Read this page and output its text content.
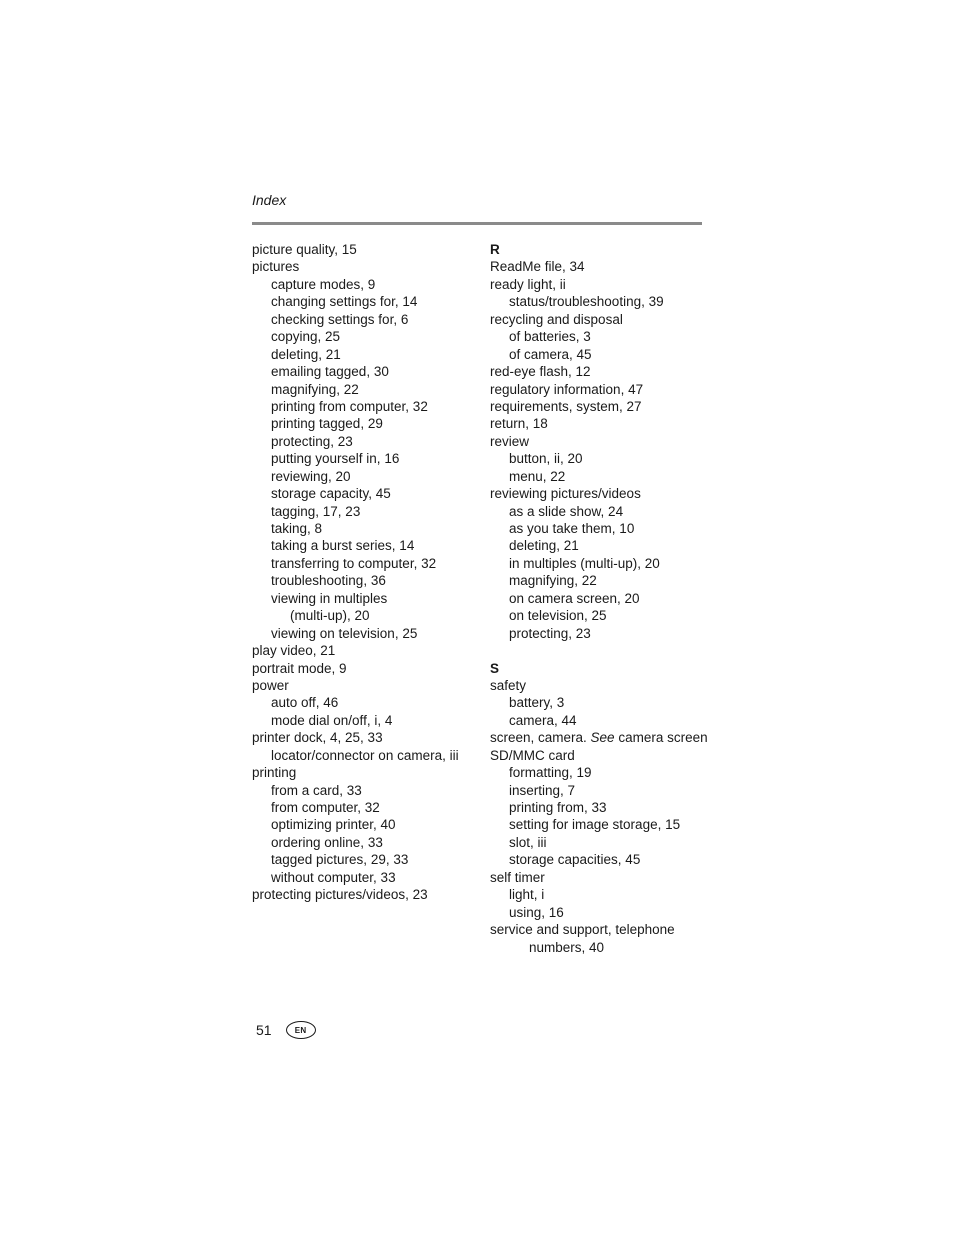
Index
picture quality, 15
pictures
capture modes, 9
changing settings for, 14
checking settings for, 6
copying, 25
deleting, 21
emailing tagged, 30
magnifying, 22
printing from computer, 32
printing tagged, 29
protecting, 23
putting yourself in, 16
reviewing, 20
storage capacity, 45
tagging, 17, 23
taking, 8
taking a burst series, 14
transferring to computer, 32
troubleshooting, 36
viewing in multiples
(multi-up), 20
viewing on television, 25
play video, 21
portrait mode, 9
power
auto off, 46
mode dial on/off, i, 4
printer dock, 4, 25, 33
locator/connector on camera, iii
printing
from a card, 33
from computer, 32
optimizing printer, 40
ordering online, 33
tagged pictures, 29, 33
without computer, 33
protecting pictures/videos, 23
R
ReadMe file, 34
ready light, ii
status/troubleshooting, 39
recycling and disposal
of batteries, 3
of camera, 45
red-eye flash, 12
regulatory information, 47
requirements, system, 27
return, 18
review
button, ii, 20
menu, 22
reviewing pictures/videos
as a slide show, 24
as you take them, 10
deleting, 21
in multiples (multi-up), 20
magnifying, 22
on camera screen, 20
on television, 25
protecting, 23
S
safety
battery, 3
camera, 44
screen, camera. See camera screen
SD/MMC card
formatting, 19
inserting, 7
printing from, 33
setting for image storage, 15
slot, iii
storage capacities, 45
self timer
light, i
using, 16
service and support, telephone
numbers, 40
51	EN
